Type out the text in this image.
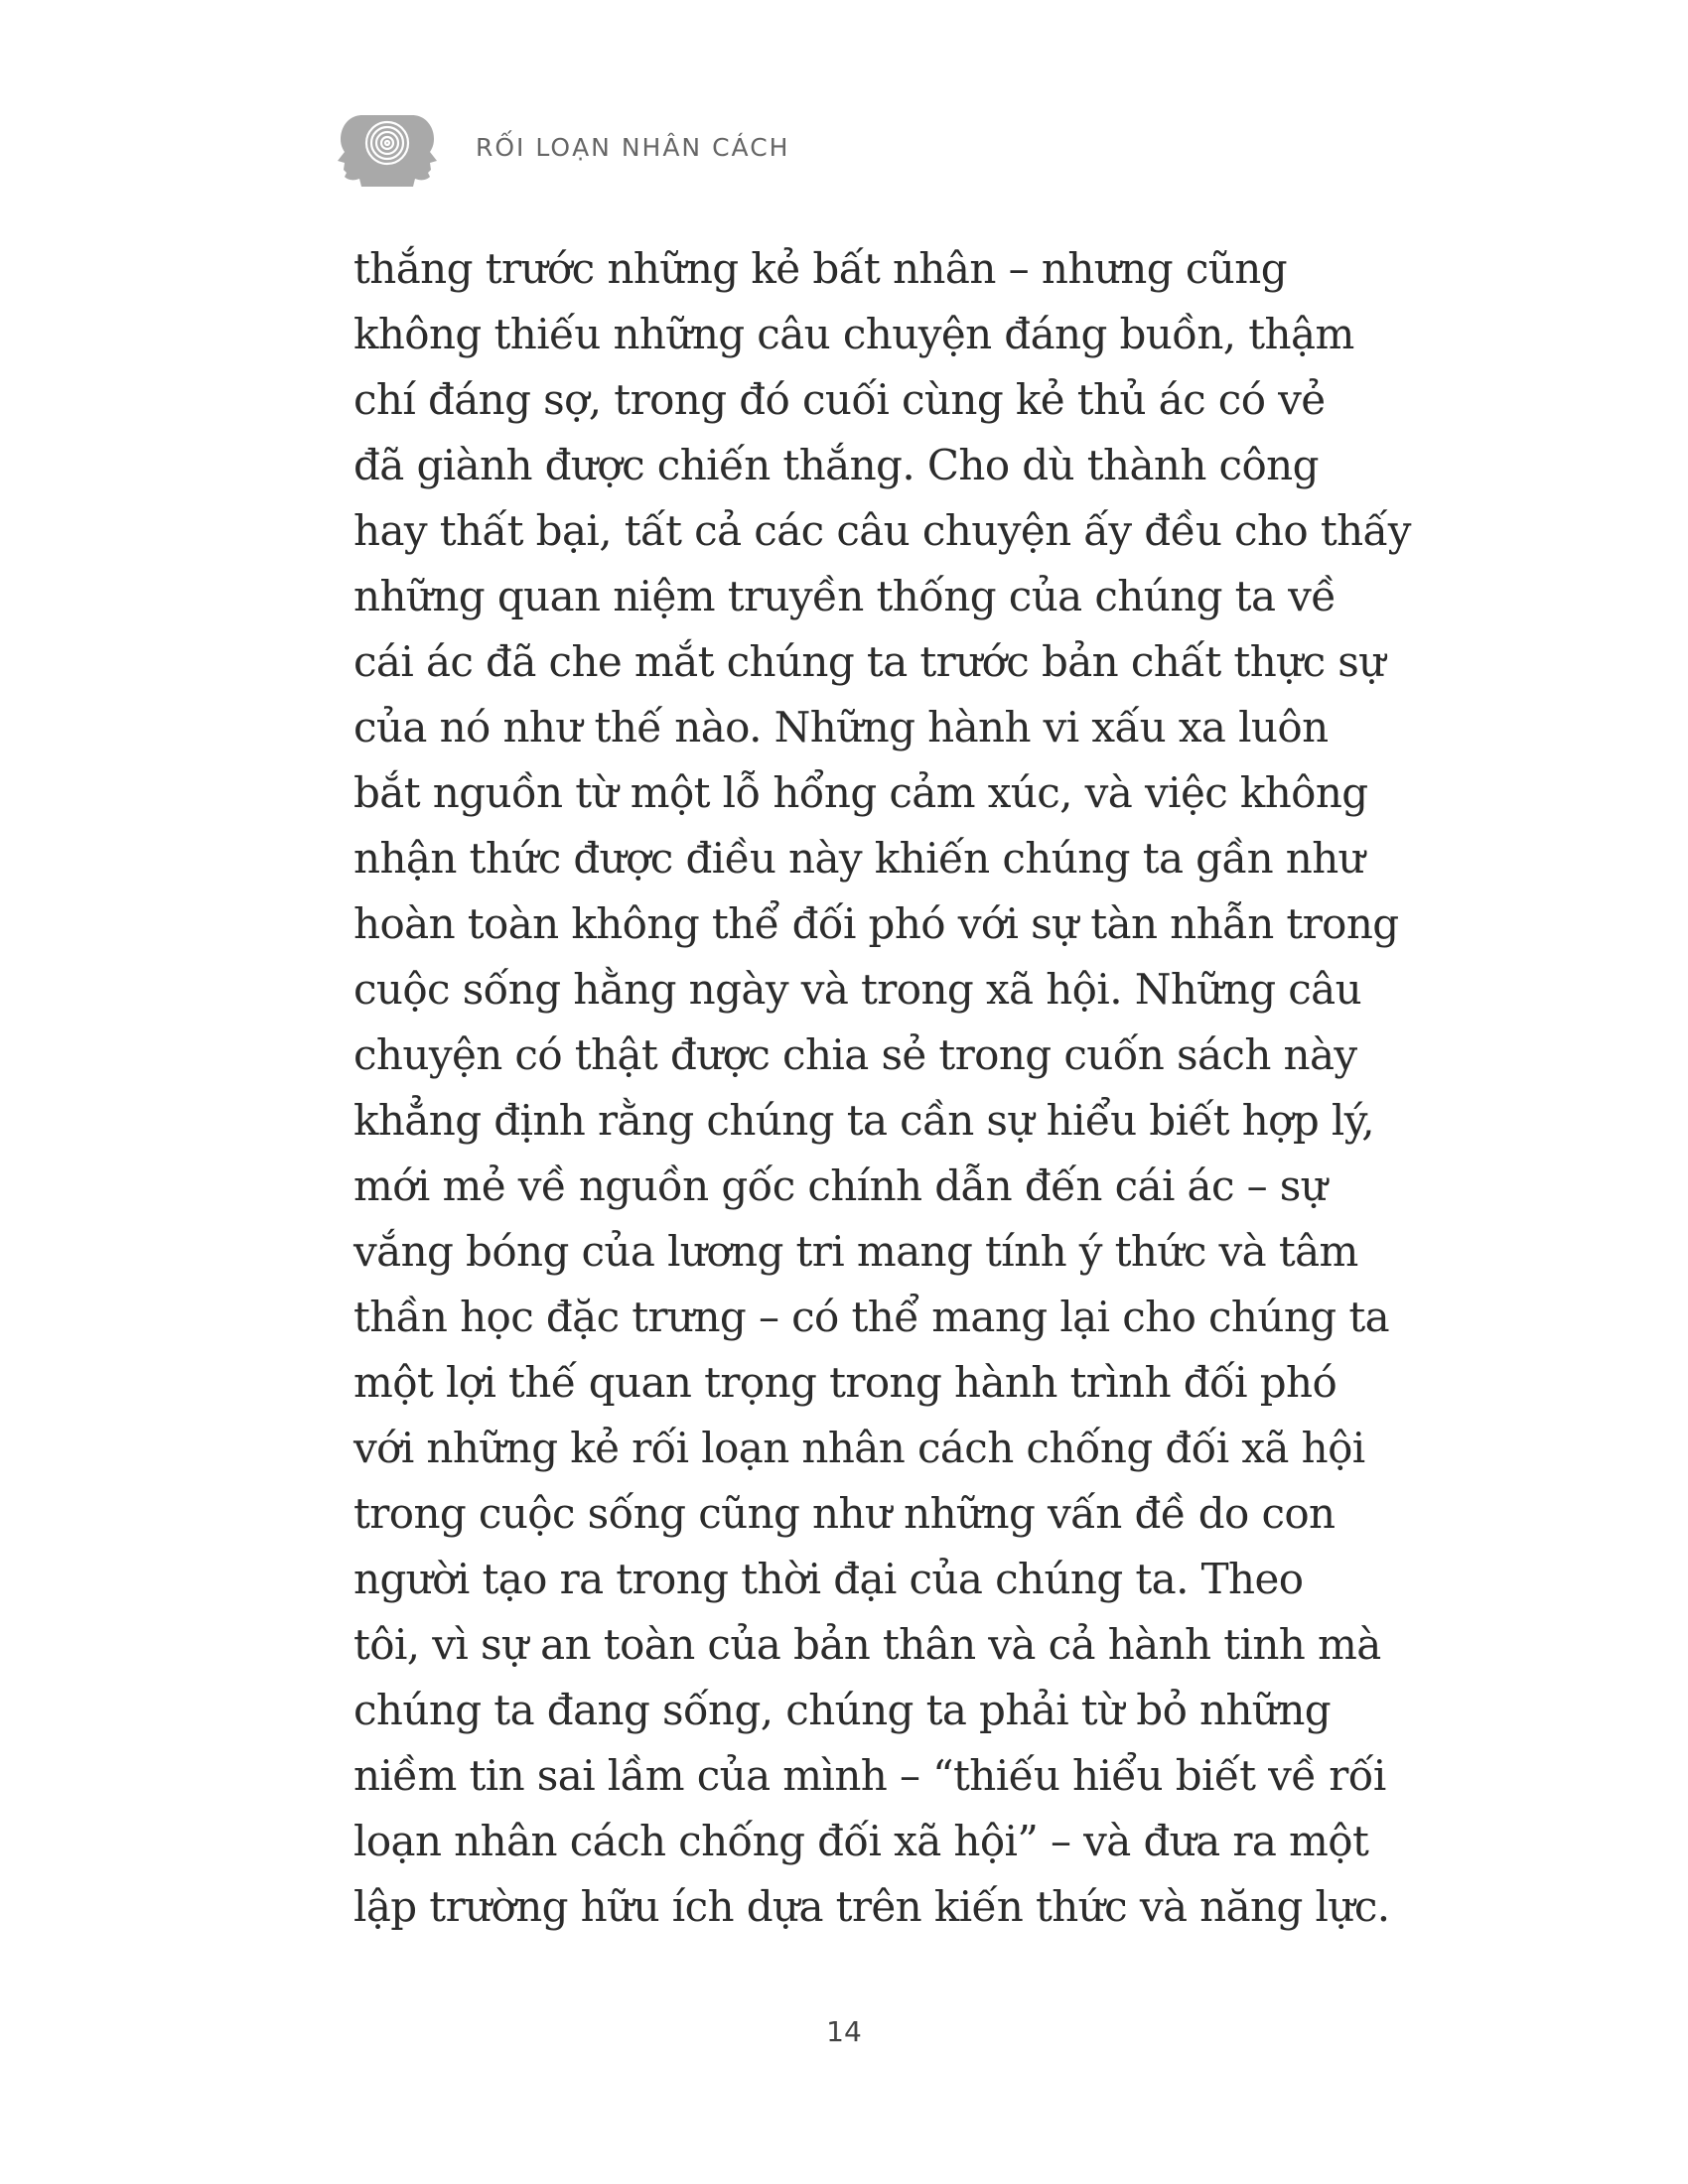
RỐI LOẠN NHÂN CÁCH
thắng trước những kẻ bất nhân – nhưng cũng
không thiếu những câu chuyện đáng buồn, thậm
chí đáng sợ, trong đó cuối cùng kẻ thủ ác có vẻ
đã giành được chiến thắng. Cho dù thành công
hay thất bại, tất cả các câu chuyện ấy đều cho thấy
những quan niệm truyền thống của chúng ta về
cái ác đã che mắt chúng ta trước bản chất thực sự
của nó như thế nào. Những hành vi xấu xa luôn
bắt nguồn từ một lỗ hổng cảm xúc, và việc không
nhận thức được điều này khiến chúng ta gần như
hoàn toàn không thể đối phó với sự tàn nhẫn trong
cuộc sống hằng ngày và trong xã hội. Những câu
chuyện có thật được chia sẻ trong cuốn sách này
khẳng định rằng chúng ta cần sự hiểu biết hợp lý,
mới mẻ về nguồn gốc chính dẫn đến cái ác – sự
vắng bóng của lương tri mang tính ý thức và tâm
thần học đặc trưng – có thể mang lại cho chúng ta
một lợi thế quan trọng trong hành trình đối phó
với những kẻ rối loạn nhân cách chống đối xã hội
trong cuộc sống cũng như những vấn đề do con
người tạo ra trong thời đại của chúng ta. Theo
tôi, vì sự an toàn của bản thân và cả hành tinh mà
chúng ta đang sống, chúng ta phải từ bỏ những
niềm tin sai lầm của mình – “thiếu hiểu biết về rối
loạn nhân cách chống đối xã hội” – và đưa ra một
lập trường hữu ích dựa trên kiến thức và năng lực.
14
